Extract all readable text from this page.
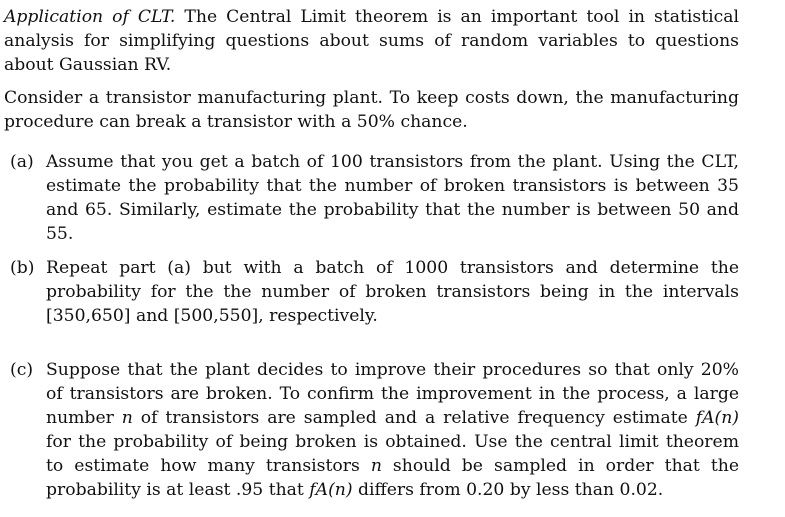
Application of CLT. The Central Limit theorem is an important tool in statistical analysis for simplifying questions about sums of random variables to questions about Gaussian RV.
Consider a transistor manufacturing plant. To keep costs down, the manufacturing procedure can break a transistor with a 50% chance.
(a) Assume that you get a batch of 100 transistors from the plant. Using the CLT, estimate the probability that the number of broken transistors is between 35 and 65. Similarly, estimate the probability that the number is between 50 and 55.
(b) Repeat part (a) but with a batch of 1000 transistors and determine the probability for the the number of broken transistors being in the intervals [350,650] and [500,550], respectively.
(c) Suppose that the plant decides to improve their procedures so that only 20% of transistors are broken. To confirm the improvement in the process, a large number n of transistors are sampled and a relative frequency estimate fA(n) for the probability of being broken is obtained. Use the central limit theorem to estimate how many transistors n should be sampled in order that the probability is at least .95 that fA(n) differs from 0.20 by less than 0.02.
